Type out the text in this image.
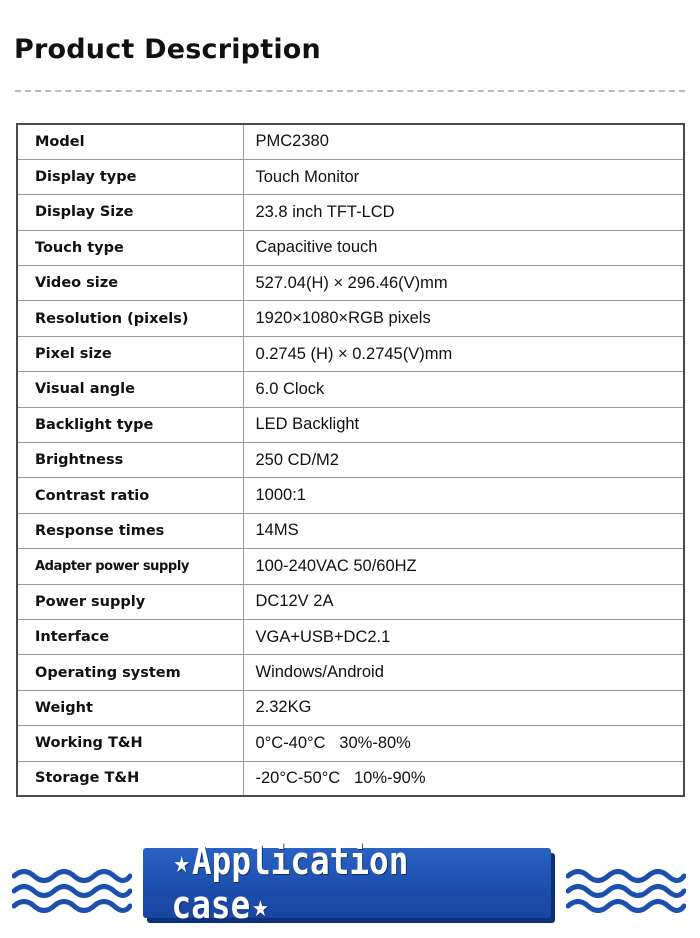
Product Description
Model	PMC2380
Display type	Touch Monitor
Display Size	23.8 inch TFT-LCD
Touch type	Capacitive touch
Video size	527.04(H) × 296.46(V)mm
Resolution (pixels)	1920×1080×RGB pixels
Pixel size	0.2745 (H) × 0.2745(V)mm
Visual angle	6.0 Clock
Backlight type	LED Backlight
Brightness	250 CD/M2
Contrast ratio	1000:1
Response times	14MS
Adapter power supply	100-240VAC 50/60HZ
Power supply	DC12V 2A
Interface	VGA+USB+DC2.1
Operating system	Windows/Android
Weight	2.32KG
Working T&H	0°C-40°C   30%-80%
Storage T&H	-20°C-50°C   10%-90%
★Application case★
